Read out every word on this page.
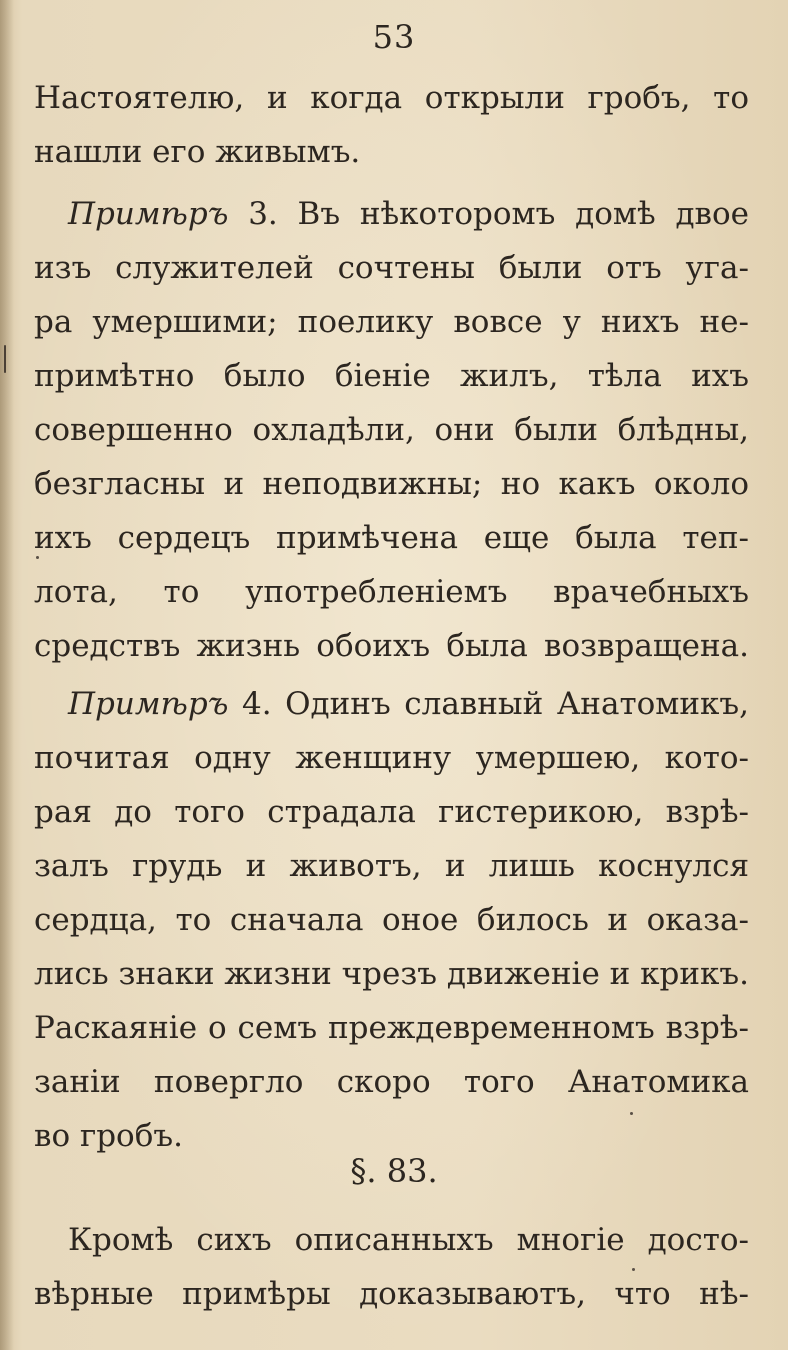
53
Настоятелю, и когда открыли гробъ, то
нашли его живымъ.
Примѣръ 3. Въ нѣкоторомъ домѣ двое
изъ служителей сочтены были отъ уга-
ра умершими; поелику вовсе у нихъ не-
примѣтно было біеніе жилъ, тѣла ихъ
совершенно охладѣли, они были блѣдны,
безгласны и неподвижны; но какъ около
ихъ сердецъ примѣчена еще была теп-
лота, то употребленіемъ врачебныхъ
средствъ жизнь обоихъ была возвращена.
Примѣръ 4. Одинъ славный Анатомикъ,
почитая одну женщину умершею, кото-
рая до того страдала гистерикою, взрѣ-
залъ грудь и животъ, и лишь коснулся
сердца, то сначала оное билось и оказа-
лись знаки жизни чрезъ движеніе и крикъ.
Раскаяніе о семъ преждевременномъ взрѣ-
заніи повергло скоро того Анатомика
во гробъ.
§. 83.
Кромѣ сихъ описанныхъ многіе досто-
вѣрные примѣры доказываютъ, что нѣ-
